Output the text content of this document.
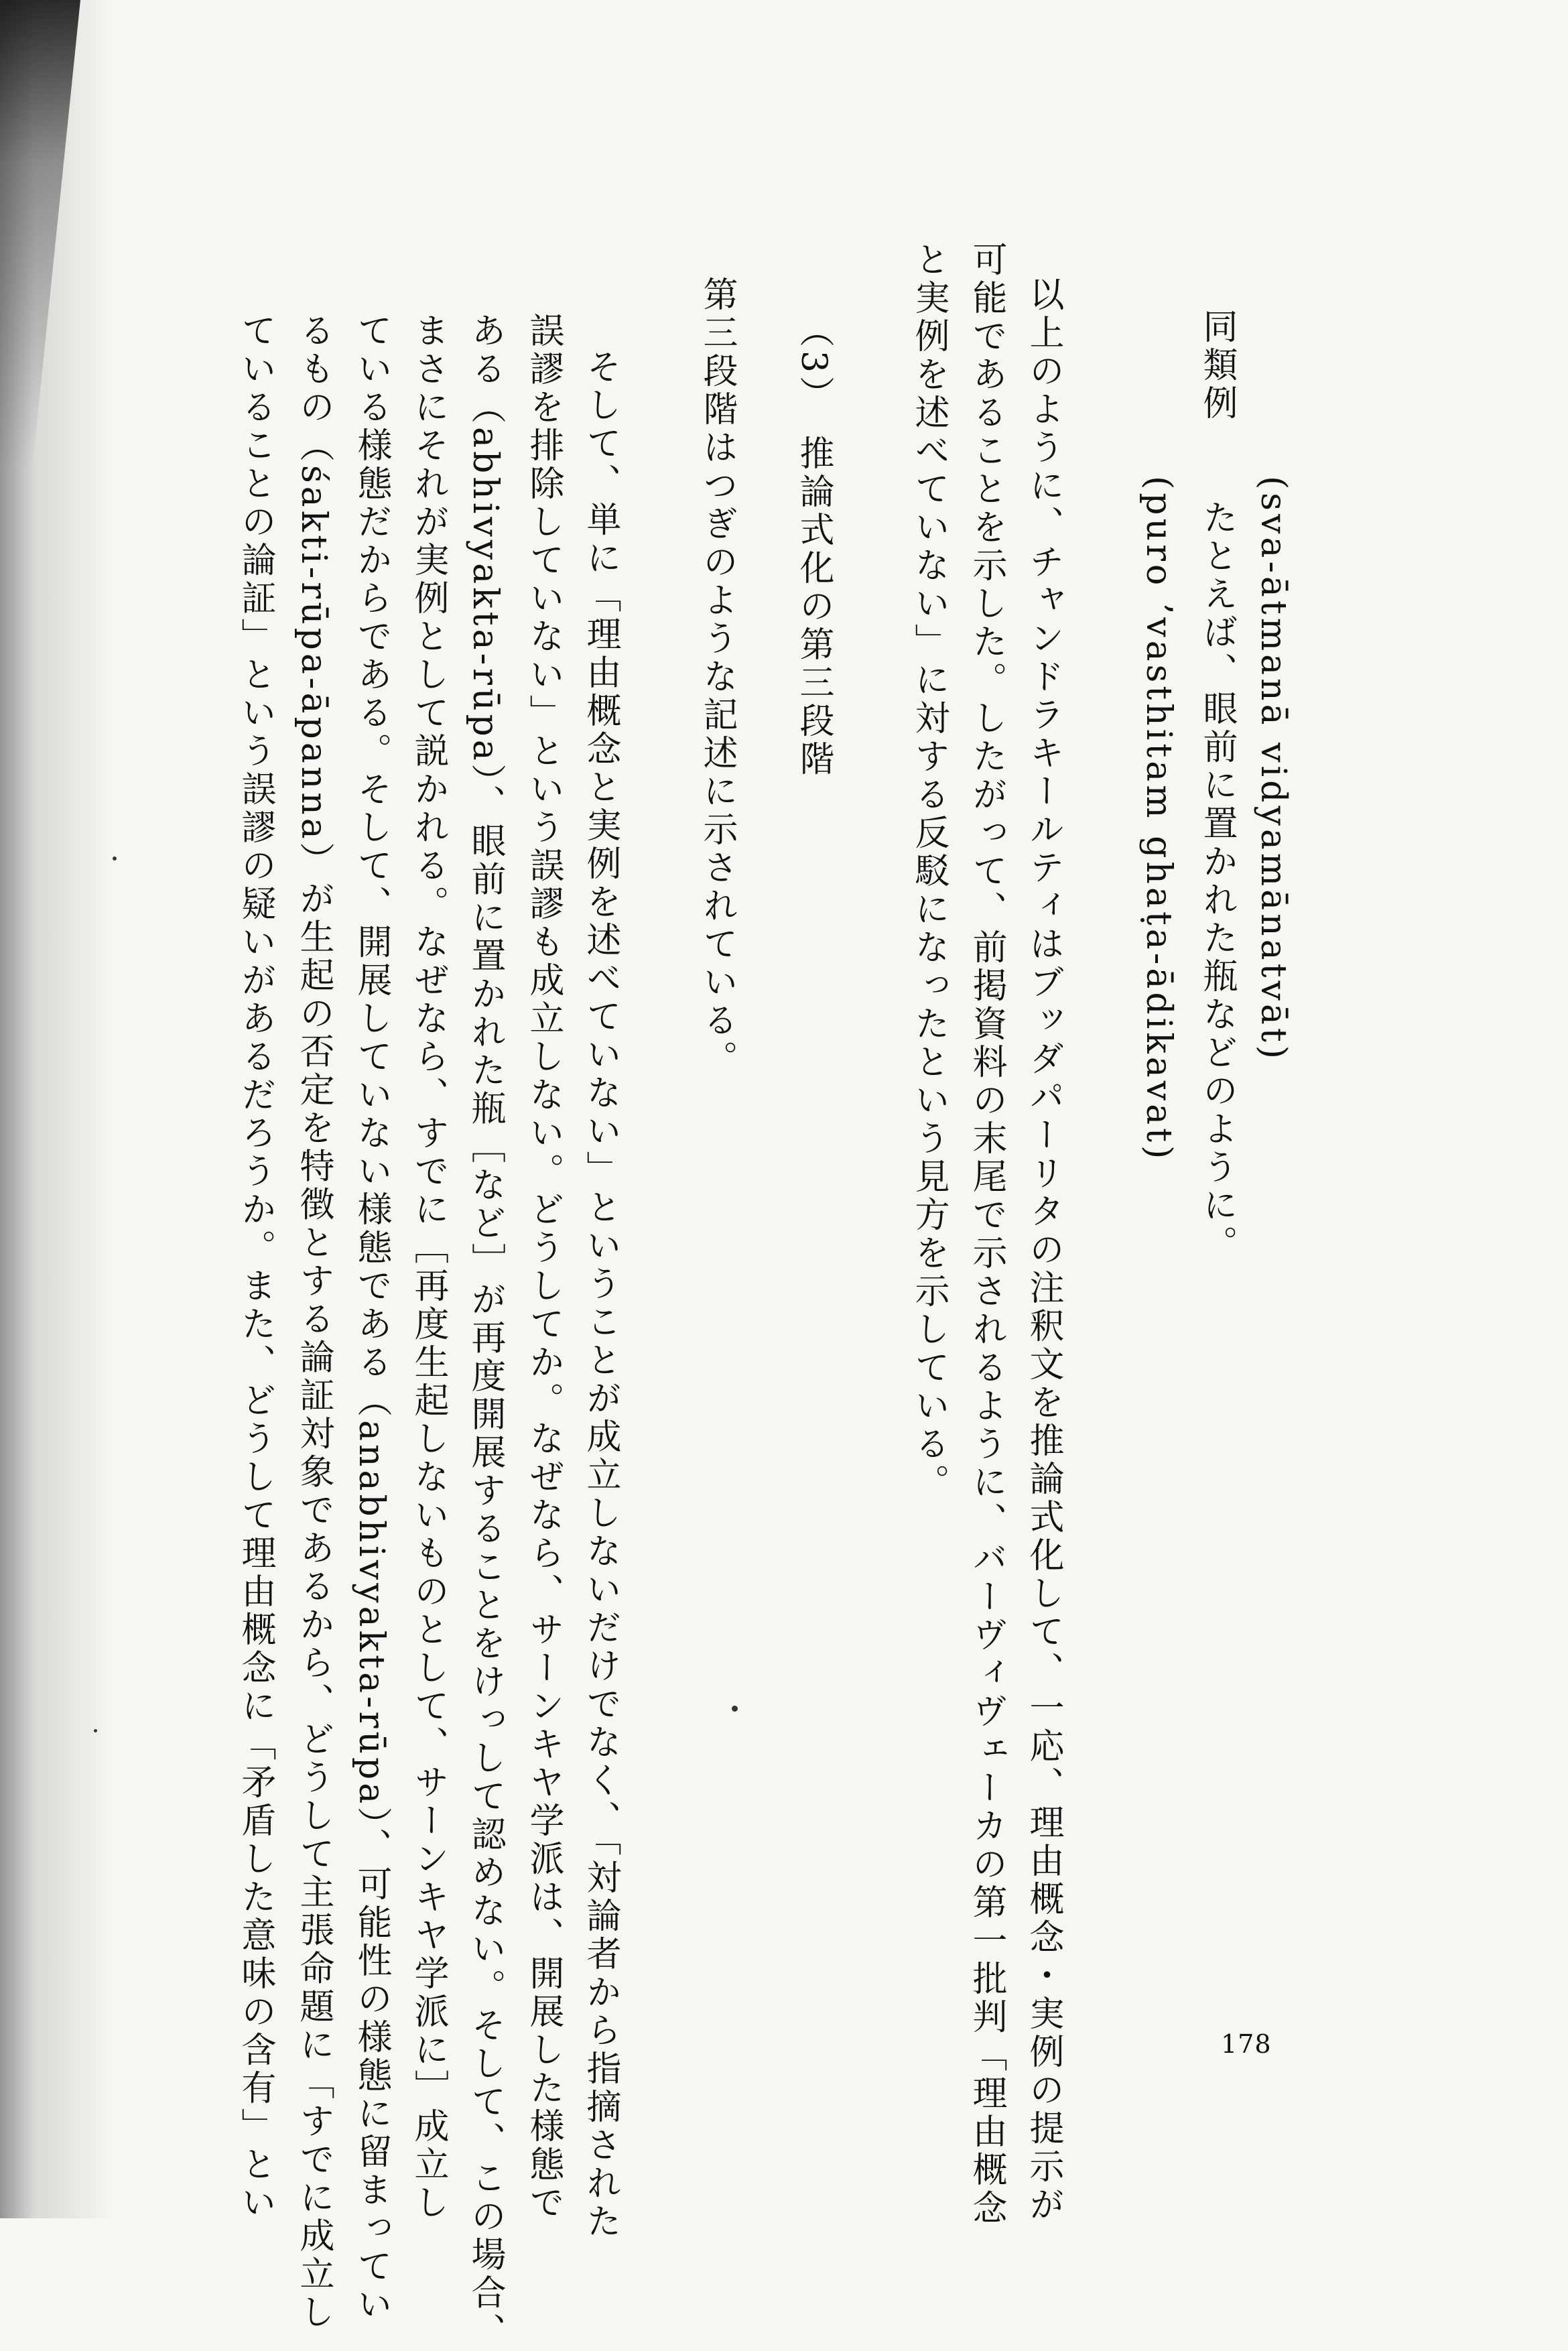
(sva-ātmanā vidyamānatvāt)
同類例　　たとえば、眼前に置かれた瓶などのように。
(puro ’vasthitam ghaṭa-ādikavat)
以上のように、チャンドラキールティはブッダパーリタの注釈文を推論式化して、一応、理由概念・実例の提示が
可能であることを示した。したがって、前掲資料の末尾で示されるように、バーヴィヴェーカの第一批判「理由概念
と実例を述べていない」に対する反駁になったという見方を示している。
（3）　推論式化の第三段階
第三段階はつぎのような記述に示されている。
そして、単に「理由概念と実例を述べていない」ということが成立しないだけでなく、「対論者から指摘された
誤謬を排除していない」という誤謬も成立しない。どうしてか。なぜなら、サーンキヤ学派は、開展した様態で
ある（abhivyakta-rūpa）、眼前に置かれた瓶［など］が再度開展することをけっして認めない。そして、この場合、
まさにそれが実例として説かれる。なぜなら、すでに［再度生起しないものとして、サーンキヤ学派に］成立し
ている様態だからである。そして、開展していない様態である（anabhivyakta-rūpa）、可能性の様態に留まってい
るもの（śakti-rūpa-āpanna）が生起の否定を特徴とする論証対象であるから、どうして主張命題に「すでに成立し
ていることの論証」という誤謬の疑いがあるだろうか。また、どうして理由概念に「矛盾した意味の含有」とい	178
